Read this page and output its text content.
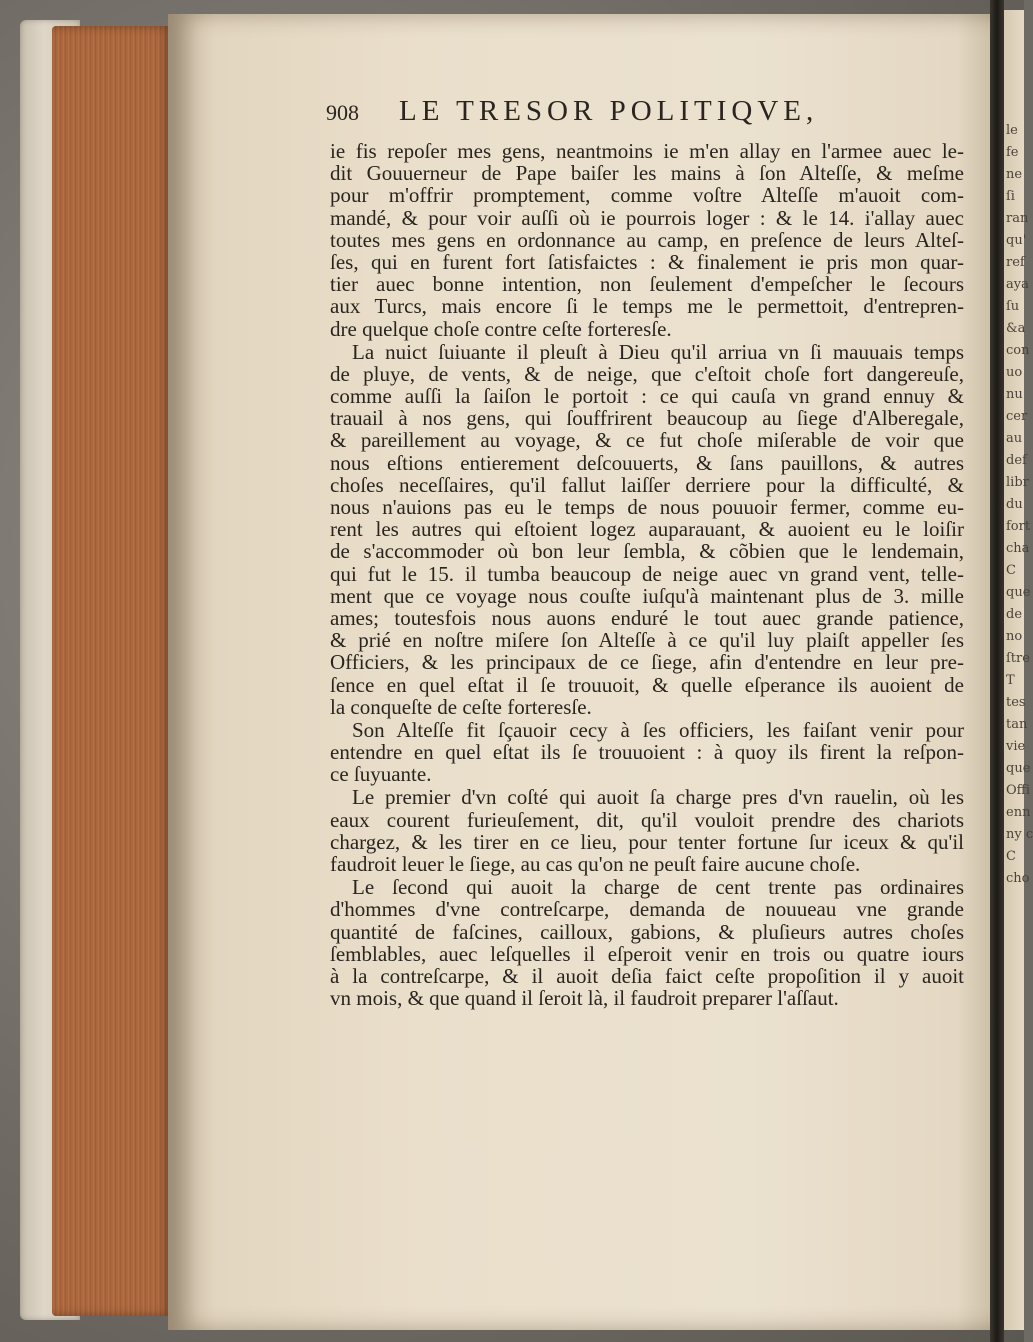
le
fe
ne
ſi
ran
qu'
ref
aya
ſu
&a
con
uo
nu
cer
au
def
libr
du
fort
cha
C
que
de
no
ſtre
T
tes
tan
vie
que
Offi
enn
ny c
C
cho
908 LE TRESOR POLITIQVE,
ie fis repoſer mes gens, neantmoins ie m'en allay en l'armee auec le-
dit Gouuerneur de Pape baiſer les mains à ſon Alteſſe, & meſme
pour m'offrir promptement, comme voſtre Alteſſe m'auoit com-
mandé, & pour voir auſſi où ie pourrois loger : & le 14. i'allay auec
toutes mes gens en ordonnance au camp, en preſence de leurs Alteſ-
ſes, qui en furent fort ſatisfaictes : & finalement ie pris mon quar-
tier auec bonne intention, non ſeulement d'empeſcher le ſecours
aux Turcs, mais encore ſi le temps me le permettoit, d'entrepren-
dre quelque choſe contre ceſte forteresſe.
La nuict ſuiuante il pleuſt à Dieu qu'il arriua vn ſi mauuais temps
de pluye, de vents, & de neige, que c'eſtoit choſe fort dangereuſe,
comme auſſi la ſaiſon le portoit : ce qui cauſa vn grand ennuy &
trauail à nos gens, qui ſouffrirent beaucoup au ſiege d'Alberegale,
& pareillement au voyage, & ce fut choſe miſerable de voir que
nous eſtions entierement deſcouuerts, & ſans pauillons, & autres
choſes neceſſaires, qu'il fallut laiſſer derriere pour la difficulté, &
nous n'auions pas eu le temps de nous pouuoir fermer, comme eu-
rent les autres qui eſtoient logez auparauant, & auoient eu le loiſir
de s'accommoder où bon leur ſembla, & cõbien que le lendemain,
qui fut le 15. il tumba beaucoup de neige auec vn grand vent, telle-
ment que ce voyage nous couſte iuſqu'à maintenant plus de 3. mille
ames; toutesfois nous auons enduré le tout auec grande patience,
& prié en noſtre miſere ſon Alteſſe à ce qu'il luy plaiſt appeller ſes
Officiers, & les principaux de ce ſiege, afin d'entendre en leur pre-
ſence en quel eſtat il ſe trouuoit, & quelle eſperance ils auoient de
la conqueſte de ceſte forteresſe.
Son Alteſſe fit ſçauoir cecy à ſes officiers, les faiſant venir pour
entendre en quel eſtat ils ſe trouuoient : à quoy ils firent la reſpon-
ce ſuyuante.
Le premier d'vn coſté qui auoit ſa charge pres d'vn rauelin, où les
eaux courent furieuſement, dit, qu'il vouloit prendre des chariots
chargez, & les tirer en ce lieu, pour tenter fortune ſur iceux & qu'il
faudroit leuer le ſiege, au cas qu'on ne peuſt faire aucune choſe.
Le ſecond qui auoit la charge de cent trente pas ordinaires
d'hommes d'vne contreſcarpe, demanda de nouueau vne grande
quantité de faſcines, cailloux, gabions, & pluſieurs autres choſes
ſemblables, auec leſquelles il eſperoit venir en trois ou quatre iours
à la contreſcarpe, & il auoit deſia faict ceſte propoſition il y auoit
vn mois, & que quand il ſeroit là, il faudroit preparer l'aſſaut.
